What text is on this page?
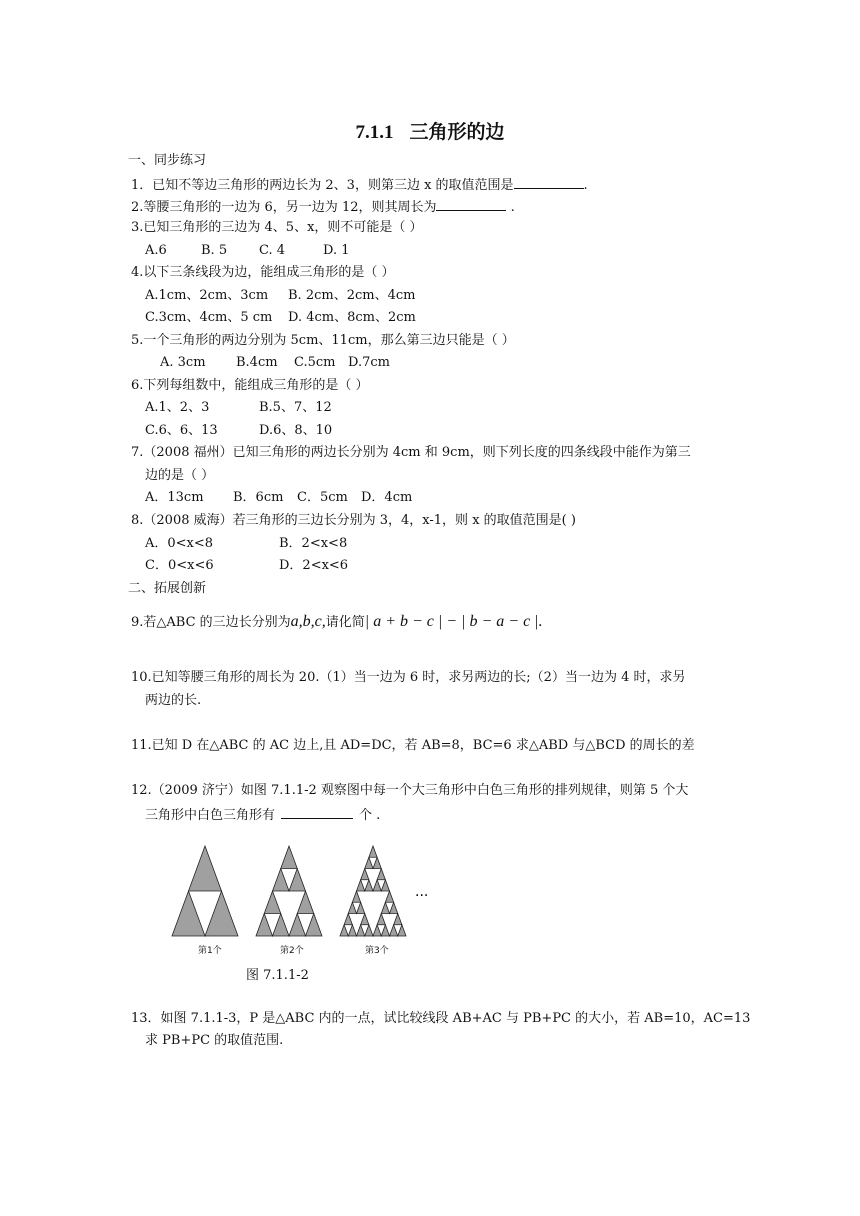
7.1.1 三角形的边
一、同步练习
1．已知不等边三角形的两边长为 2、3，则第三边 x 的取值范围是	.
2.等腰三角形的一边为 6，另一边为 12，则其周长为	.
3.已知三角形的三边为 4、5、x，则不可能是（ ）
A.6	B. 5 C. 4	D. 1
4.以下三条线段为边，能组成三角形的是（ ）
A.1cm、2cm、3cm B. 2cm、2cm、4cm
C.3cm、4cm、5 cm D. 4cm、8cm、2cm
5.一个三角形的两边分别为 5cm、11cm，那么第三边只能是（ ）
A. 3cm B.4cm C.5cm D.7cm
6.下列每组数中，能组成三角形的是（ ）
A.1、2、3	B.5、7、12
C.6、6、13	D.6、8、10
7.（2008 福州）已知三角形的两边长分别为 4cm 和 9cm，则下列长度的四条线段中能作为第三
边的是（ ）
A．13cm B．6cm C．5cm D．4cm
8.（2008 威海）若三角形的三边长分别为 3，4，x-1，则 x 的取值范围是( )
A．0<x<8	B．2<x<8
C．0<x<6	D．2<x<6
二、拓展创新
9.若△ABC 的三边长分别为a,b,c,请化简| a + b − c | − | b − a − c |.
10.已知等腰三角形的周长为 20.（1）当一边为 6 时，求另两边的长;（2）当一边为 4 时，求另
两边的长.
11.已知 D 在△ABC 的 AC 边上,且 AD=DC，若 AB=8，BC=6 求△ABD 与△BCD 的周长的差
12.（2009 济宁）如图 7.1.1-2 观察图中每一个大三角形中白色三角形的排列规律，则第 5 个大
三角形中白色三角形有	个 .
···
第1个	第2个	第3个
图 7.1.1-2
13．如图 7.1.1-3，P 是△ABC 内的一点，试比较线段 AB+AC 与 PB+PC 的大小，若 AB=10，AC=13
求 PB+PC 的取值范围.
